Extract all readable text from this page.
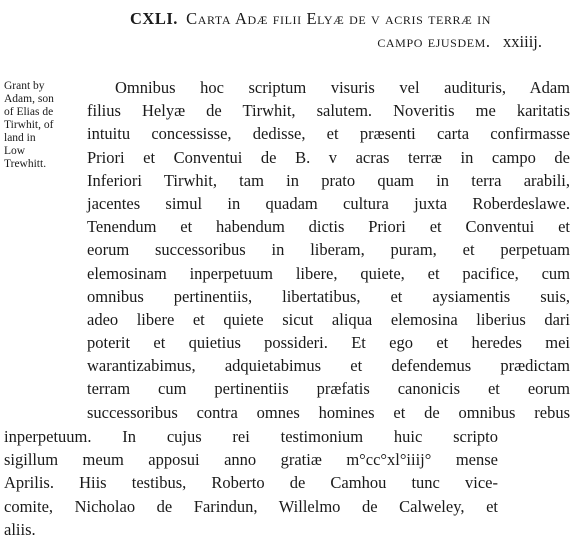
CXLI. Carta Adæ filii Elyæ de v acris terræ in
campo ejusdem. xxiiij.
Grant by
Adam, son
of Elias de
Tirwhit, of
land in
Low
Trewhitt.
Omnibus hoc scriptum visuris vel audituris, Adam
filius Helyæ de Tirwhit, salutem. Noveritis me karitatis
intuitu concessisse, dedisse, et præsenti carta confirmasse
Priori et Conventui de B. v acras terræ in campo de
Inferiori Tirwhit, tam in prato quam in terra arabili,
jacentes simul in quadam cultura juxta Roberdeslawe.
Tenendum et habendum dictis Priori et Conventui et
eorum successoribus in liberam, puram, et perpetuam
elemosinam inperpetuum libere, quiete, et pacifice, cum
omnibus pertinentiis, libertatibus, et aysiamentis suis,
adeo libere et quiete sicut aliqua elemosina liberius dari
poterit et quietius possideri. Et ego et heredes mei
warantizabimus, adquietabimus et defendemus prædictam
terram cum pertinentiis præfatis canonicis et eorum
successoribus contra omnes homines et de omnibus rebus
inperpetuum. In cujus rei testimonium huic scripto
sigillum meum apposui anno gratiæ m°cc°xl°iiij° mense
Aprilis. Hiis testibus, Roberto de Camhou tunc vice-
comite, Nicholao de Farindun, Willelmo de Calweley, et
aliis.
